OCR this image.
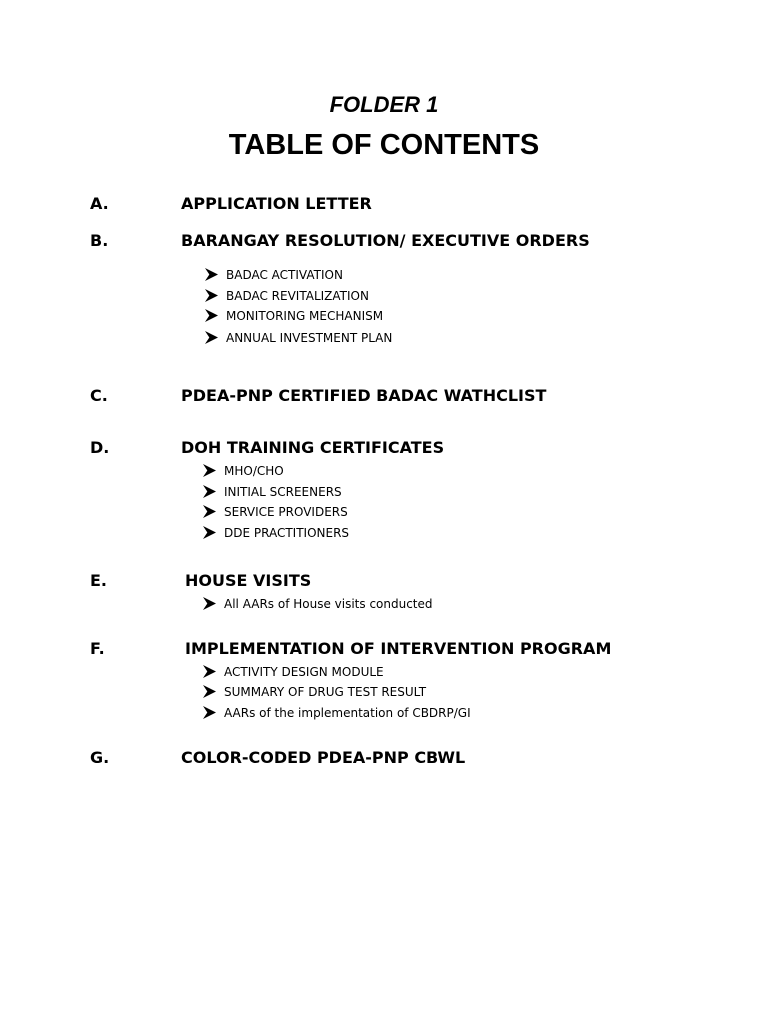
FOLDER 1
TABLE OF CONTENTS
A.	APPLICATION LETTER
B.	BARANGAY RESOLUTION/ EXECUTIVE ORDERS
BADAC ACTIVATION
BADAC REVITALIZATION
MONITORING MECHANISM
ANNUAL INVESTMENT PLAN
C.	PDEA-PNP CERTIFIED BADAC WATHCLIST
D.	DOH TRAINING CERTIFICATES
MHO/CHO
INITIAL SCREENERS
SERVICE PROVIDERS
DDE PRACTITIONERS
E.	HOUSE VISITS
All AARs of House visits conducted
F.	IMPLEMENTATION OF INTERVENTION PROGRAM
ACTIVITY DESIGN MODULE
SUMMARY OF DRUG TEST RESULT
AARs of the implementation of CBDRP/GI
G.	COLOR-CODED PDEA-PNP CBWL
